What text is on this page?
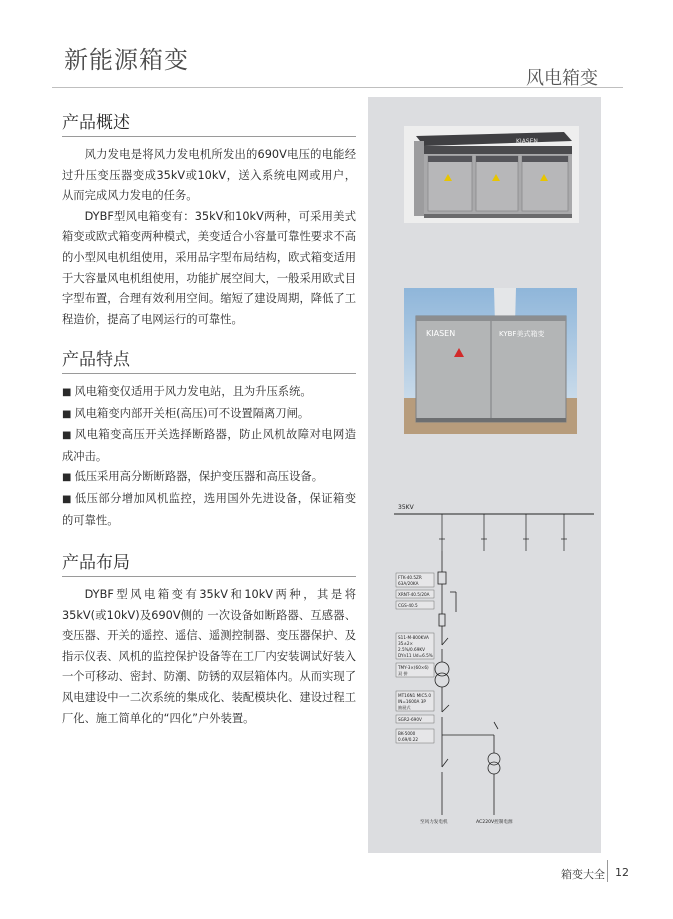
新能源箱变
风电箱变
产品概述

风力发电是将风力发电机所发出的690V电压的电能经过升压变压器变成35kV或10kV，送入系统电网或用户，从而完成风力发电的任务。

DYBF型风电箱变有：35kV和10kV两种，可采用美式箱变或欧式箱变两种模式，美变适合小容量可靠性要求不高的小型风电机组使用，采用品字型布局结构，欧式箱变适用于大容量风电机组使用，功能扩展空间大，一般采用欧式目字型布置，合理有效利用空间。缩短了建设周期，降低了工程造价，提高了电网运行的可靠性。

产品特点

■ 风电箱变仅适用于风力发电站，且为升压系统。

■ 风电箱变内部开关柜(高压)可不设置隔离刀闸。

■ 风电箱变高压开关选择断路器，防止风机故障对电网造成冲击。

■ 低压采用高分断断路器，保护变压器和高压设备。

■ 低压部分增加风机监控，选用国外先进设备，保证箱变的可靠性。

产品布局

DYBF型风电箱变有35kV和10kV两种，其是将35kV(或10kV)及690V侧的 一次设备如断路器、互感器、变压器、开关的遥控、遥信、遥测控制器、变压器保护、及指示仪表、风机的监控保护设备等在工厂内安装调试好装入一个可移动、密封、防潮、防锈的双层箱体内。从而实现了风电建设中一二次系统的集成化、装配模块化、建设过程工厂化、施工简单化的“四化”户外装置。

KIASEN
KIASEN	KYBF美式箱变
35KV
FTK-40.5ZR
63A/20KA
XRNT-40.5/20A
CGS-40.5
S11-M-800KVA
35±2×
2.5%/0.69KV
DYn11 Ud=6.5%
TMY-3×(60×6)
双 拼
MT16N1 MIC5.0
IN=1600A 3P
抽屉式
SGR2-690V
BK-5000
0.69/0.22
至风力发电机	AC220V控制电源
箱变大全 12
